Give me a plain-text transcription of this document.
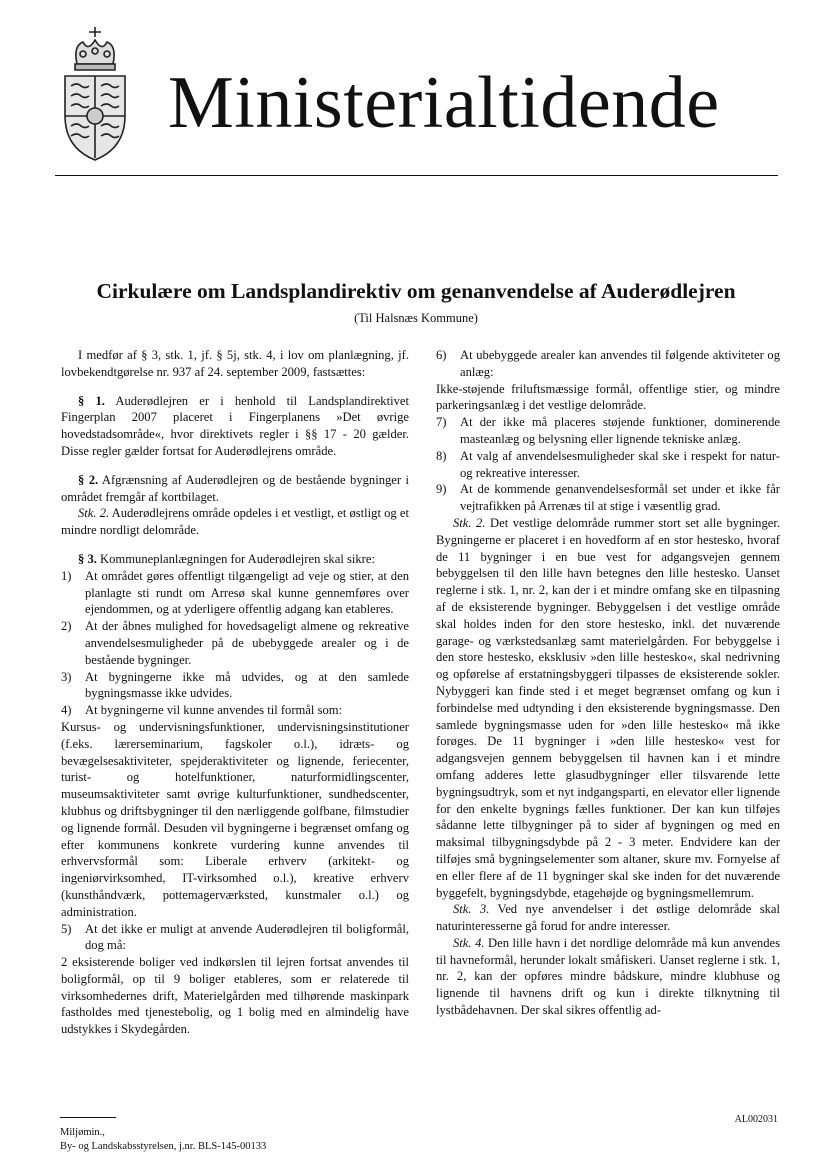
Ministerialtidende
Cirkulære om Landsplandirektiv om genanvendelse af Auderødlejren
(Til Halsnæs Kommune)

I medfør af § 3, stk. 1, jf. § 5j, stk. 4, i lov om planlægning, jf. lovbekendtgørelse nr. 937 af 24. september 2009, fastsættes:

§ 1. Auderødlejren er i henhold til Landsplandirektivet Fingerplan 2007 placeret i Fingerplanens »Det øvrige hovedstadsområde«, hvor direktivets regler i §§ 17 - 20 gælder. Disse regler gælder fortsat for Auderødlejrens område.

§ 2. Afgrænsning af Auderødlejren og de bestående bygninger i området fremgår af kortbilaget.

Stk. 2. Auderødlejrens område opdeles i et vestligt, et østligt og et mindre nordligt delområde.

§ 3. Kommuneplanlægningen for Auderødlejren skal sikre:

1) At området gøres offentligt tilgængeligt ad veje og stier, at den planlagte sti rundt om Arresø skal kunne gennemføres over ejendommen, og at yderligere offentlig adgang kan etableres.

2) At der åbnes mulighed for hovedsageligt almene og rekreative anvendelsesmuligheder på de ubebyggede arealer og i de bestående bygninger.

3) At bygningerne ikke må udvides, og at den samlede bygningsmasse ikke udvides.

4) At bygningerne vil kunne anvendes til formål som:

Kursus- og undervisningsfunktioner, undervisningsinstitutioner (f.eks. lærerseminarium, fagskoler o.l.), idræts- og bevægelsesaktiviteter, spejderaktiviteter og lignende, feriecenter, turist- og hotelfunktioner, naturformidlingscenter, museumsaktiviteter samt øvrige kulturfunktioner, sundhedscenter, klubhus og driftsbygninger til den nærliggende golfbane, filmstudier og lignende formål. Desuden vil bygningerne i begrænset omfang og efter kommunens konkrete vurdering kunne anvendes til erhvervsformål som: Liberale erhverv (arkitekt- og ingeniørvirksomhed, IT-virksomhed o.l.), kreative erhverv (kunsthåndværk, pottemagerværksted, kunstmaler o.l.) og administration.

5) At det ikke er muligt at anvende Auderødlejren til boligformål, dog må:

2 eksisterende boliger ved indkørslen til lejren fortsat anvendes til boligformål, op til 9 boliger etableres, som er relaterede til virksomhedernes drift, Materielgården med tilhørende maskinpark fastholdes med tjenestebolig, og 1 bolig med en almindelig have udstykkes i Skydegården.

6) At ubebyggede arealer kan anvendes til følgende aktiviteter og anlæg:

Ikke-støjende friluftsmæssige formål, offentlige stier, og mindre parkeringsanlæg i det vestlige delområde.

7) At der ikke må placeres støjende funktioner, dominerende masteanlæg og belysning eller lignende tekniske anlæg.

8) At valg af anvendelsesmuligheder skal ske i respekt for natur- og rekreative interesser.

9) At de kommende genanvendelsesformål set under et ikke får vejtrafikken på Arrenæs til at stige i væsentlig grad.

Stk. 2. Det vestlige delområde rummer stort set alle bygninger. Bygningerne er placeret i en hovedform af en stor hestesko, hvoraf de 11 bygninger i en bue vest for adgangsvejen gennem bebyggelsen til den lille havn betegnes den lille hestesko. Uanset reglerne i stk. 1, nr. 2, kan der i et mindre omfang ske en tilpasning af de eksisterende bygninger. Bebyggelsen i det vestlige område skal holdes inden for den store hestesko, inkl. det nuværende garage- og værkstedsanlæg samt materielgården. For bebyggelse i den store hestesko, eksklusiv »den lille hestesko«, skal nedrivning og opførelse af erstatningsbyggeri tilpasses de eksisterende sokler. Nybyggeri kan finde sted i et meget begrænset omfang og kun i forbindelse med udtynding i den eksisterende bygningsmasse. Den samlede bygningsmasse uden for »den lille hestesko« må ikke forøges. De 11 bygninger i »den lille hestesko« vest for adgangsvejen gennem bebyggelsen til havnen kan i et mindre omfang adderes lette glasudbygninger eller tilsvarende lette bygningsudtryk, som et nyt indgangsparti, en elevator eller lignende for den enkelte bygnings fælles funktioner. Der kan kun tilføjes sådanne lette tilbygninger på to sider af bygningen og med en maksimal tilbygningsdybde på 2 - 3 meter. Endvidere kan der tilføjes små bygningselementer som altaner, skure mv. Fornyelse af en eller flere af de 11 bygninger skal ske inden for det nuværende byggefelt, bygningsdybde, etagehøjde og bygningsmellemrum.

Stk. 3. Ved nye anvendelser i det østlige delområde skal naturinteresserne gå forud for andre interesser.

Stk. 4. Den lille havn i det nordlige delområde må kun anvendes til havneformål, herunder lokalt småfiskeri. Uanset reglerne i stk. 1, nr. 2, kan der opføres mindre bådskure, mindre klubhuse og lignende til havnens drift og kun i direkte tilknytning til lystbådehavnen. Der skal sikres offentlig ad-

Miljømin.,
By- og Landskabsstyrelsen, j.nr. BLS-145-00133
AL002031
